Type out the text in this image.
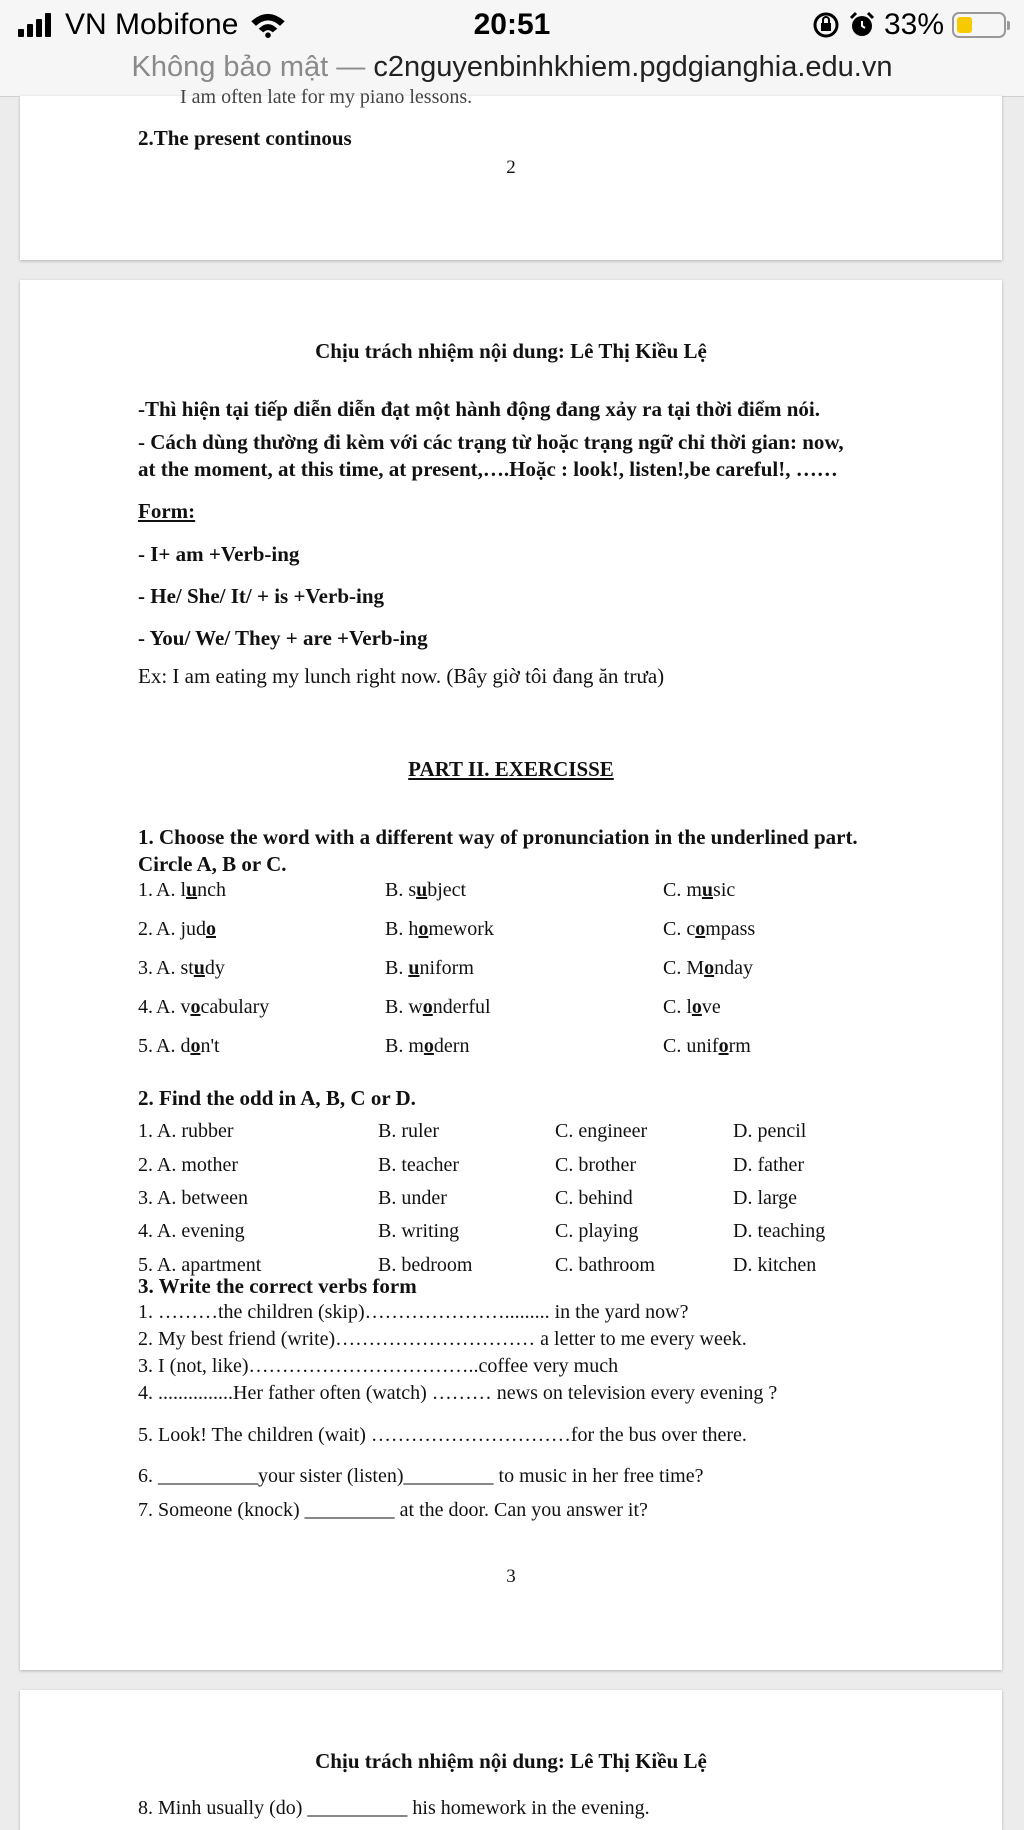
VN Mobifone	20:51	33%
Không bảo mật — c2nguyenbinhkhiem.pgdgianghia.edu.vn
I am often late for my piano lessons.
2.The present continous
2
Chịu trách nhiệm nội dung: Lê Thị Kiều Lệ
-Thì hiện tại tiếp diễn diễn đạt một hành động đang xảy ra tại thời điểm nói.
- Cách dùng thường đi kèm với các trạng từ hoặc trạng ngữ chỉ thời gian: now,
at the moment, at this time, at present,….Hoặc : look!, listen!,be careful!, ……
Form:
- I+ am +Verb-ing
- He/ She/ It/ + is +Verb-ing
- You/ We/ They + are +Verb-ing
Ex: I am eating my lunch right now. (Bây giờ tôi đang ăn trưa)
PART II. EXERCISSE
1. Choose the word with a different way of pronunciation in the underlined part.
Circle A, B or C.
1. A. lunch	B. subject	C. music
2. A. judo	B. homework	C. compass
3. A. study	B. uniform	C. Monday
4. A. vocabulary	B. wonderful	C. love
5. A. don't	B. modern	C. uniform
2. Find the odd in A, B, C or D.
1. A. rubber	B. ruler	C. engineer	D. pencil
2. A. mother	B. teacher	C. brother	D. father
3. A. between	B. under	C. behind	D. large
4. A. evening	B. writing	C. playing	D. teaching
5. A. apartment	B. bedroom	C. bathroom	D. kitchen
3. Write the correct verbs form
1. ………the children (skip)…………………......... in the yard now?
2. My best friend (write)………………………… a letter to me every week.
3. I (not, like)……………………………..coffee very much
4. ...............Her father often (watch) ……… news on television every evening ?
5. Look! The children (wait) …………………………for the bus over there.
6. __________your sister (listen)_________ to music in her free time?
7. Someone (knock) _________ at the door. Can you answer it?
3
Chịu trách nhiệm nội dung: Lê Thị Kiều Lệ
8. Minh usually (do) __________ his homework in the evening.
